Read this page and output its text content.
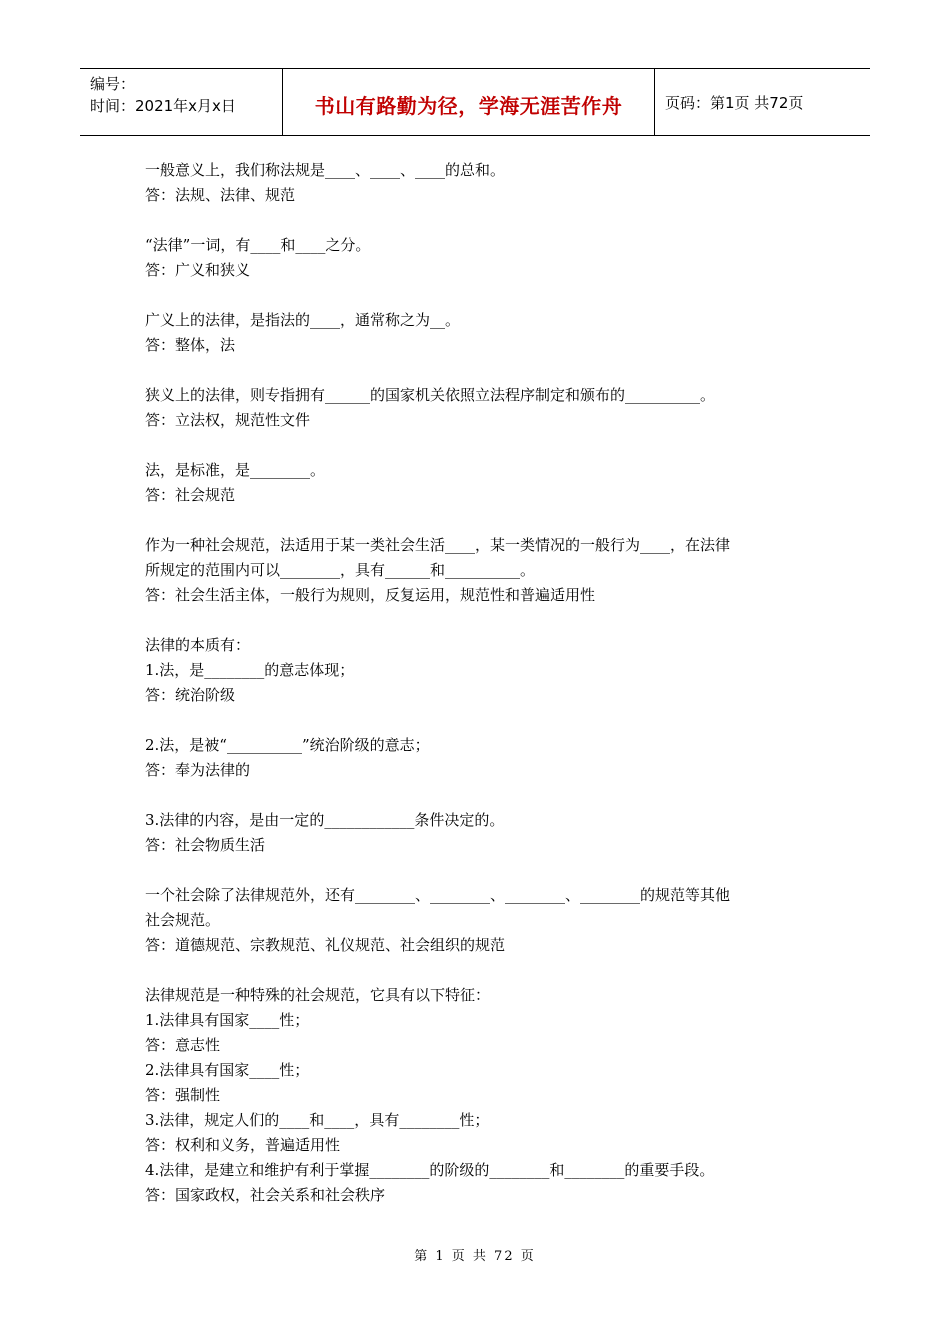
编号：
时间：2021年x月x日	书山有路勤为径，学海无涯苦作舟	页码：第1页 共72页
一般意义上，我们称法规是____、____、____的总和。
答：法规、法律、规范
“法律”一词，有____和____之分。
答：广义和狭义
广义上的法律，是指法的____，通常称之为__。
答：整体，法
狭义上的法律，则专指拥有______的国家机关依照立法程序制定和颁布的__________。
答：立法权，规范性文件
法，是标准，是________。
答：社会规范
作为一种社会规范，法适用于某一类社会生活____，某一类情况的一般行为____，在法律
所规定的范围内可以________，具有______和__________。
答：社会生活主体，一般行为规则，反复运用，规范性和普遍适用性
法律的本质有：
1.法，是________的意志体现；
答：统治阶级
2.法，是被“__________”统治阶级的意志；
答：奉为法律的
3.法律的内容，是由一定的____________条件决定的。
答：社会物质生活
一个社会除了法律规范外，还有________、________、________、________的规范等其他
社会规范。
答：道德规范、宗教规范、礼仪规范、社会组织的规范
法律规范是一种特殊的社会规范，它具有以下特征：
1.法律具有国家____性；
答：意志性
2.法律具有国家____性；
答：强制性
3.法律，规定人们的____和____，具有________性；
答：权利和义务，普遍适用性
4.法律，是建立和维护有利于掌握________的阶级的________和________的重要手段。
答：国家政权，社会关系和社会秩序
第 1 页 共 72 页
